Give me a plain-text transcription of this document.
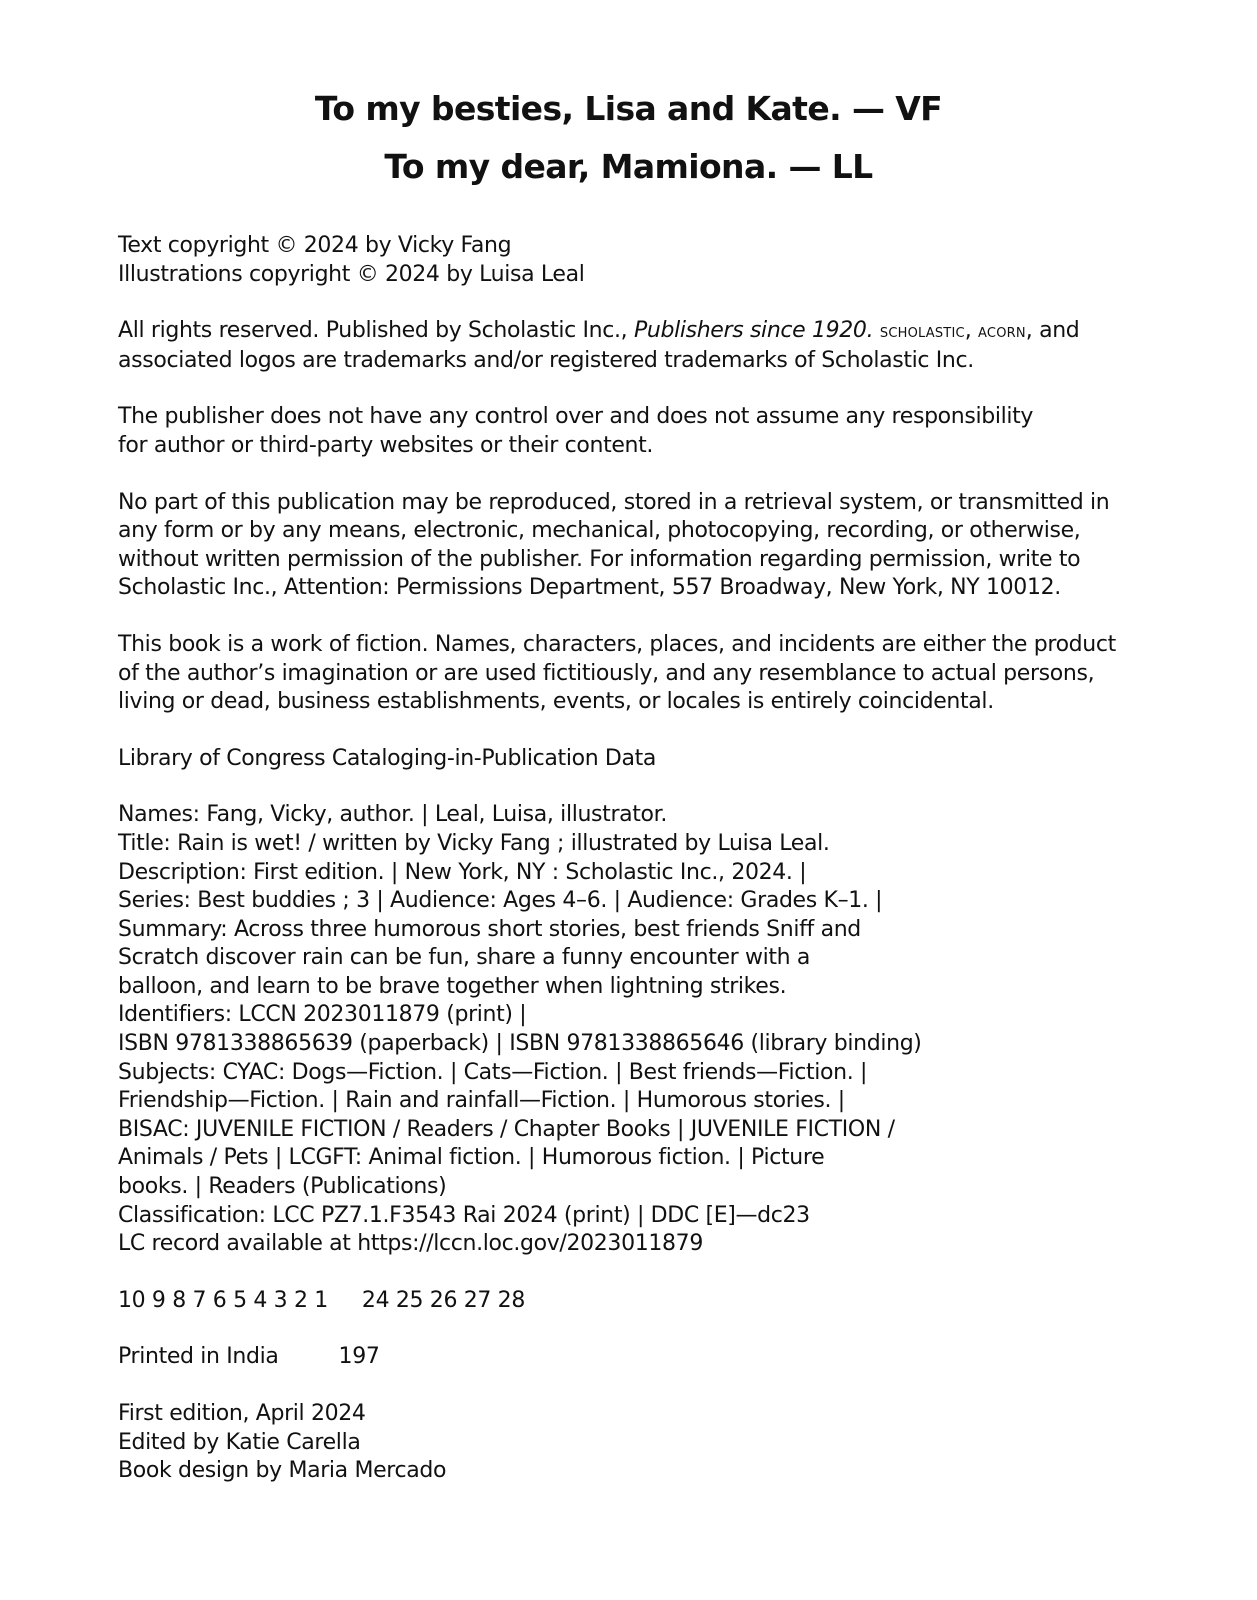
To my besties, Lisa and Kate. — VF

To my dear, Mamiona. — LL

Text copyright © 2024 by Vicky Fang
Illustrations copyright © 2024 by Luisa Leal
All rights reserved. Published by Scholastic Inc., Publishers since 1920. scholastic, acorn, and
associated logos are trademarks and/or registered trademarks of Scholastic Inc.
The publisher does not have any control over and does not assume any responsibility
for author or third-party websites or their content.
No part of this publication may be reproduced, stored in a retrieval system, or transmitted in
any form or by any means, electronic, mechanical, photocopying, recording, or otherwise,
without written permission of the publisher. For information regarding permission, write to
Scholastic Inc., Attention: Permissions Department, 557 Broadway, New York, NY 10012.
This book is a work of fiction. Names, characters, places, and incidents are either the product
of the author’s imagination or are used fictitiously, and any resemblance to actual persons,
living or dead, business establishments, events, or locales is entirely coincidental.
Library of Congress Cataloging-in-Publication Data
Names: Fang, Vicky, author. | Leal, Luisa, illustrator.
Title: Rain is wet! / written by Vicky Fang ; illustrated by Luisa Leal.
Description: First edition. | New York, NY : Scholastic Inc., 2024. |
Series: Best buddies ; 3 | Audience: Ages 4–6. | Audience: Grades K–1. |
Summary: Across three humorous short stories, best friends Sniff and
Scratch discover rain can be fun, share a funny encounter with a
balloon, and learn to be brave together when lightning strikes.
Identifiers: LCCN 2023011879 (print) |
ISBN 9781338865639 (paperback) | ISBN 9781338865646 (library binding)
Subjects: CYAC: Dogs—Fiction. | Cats—Fiction. | Best friends—Fiction. |
Friendship—Fiction. | Rain and rainfall—Fiction. | Humorous stories. |
BISAC: JUVENILE FICTION / Readers / Chapter Books | JUVENILE FICTION /
Animals / Pets | LCGFT: Animal fiction. | Humorous fiction. | Picture
books. | Readers (Publications)
Classification: LCC PZ7.1.F3543 Rai 2024 (print) | DDC [E]—dc23
LC record available at https://lccn.loc.gov/2023011879
10 9 8 7 6 5 4 3 2 1 24 25 26 27 28
Printed in India	197
First edition, April 2024
Edited by Katie Carella
Book design by Maria Mercado
